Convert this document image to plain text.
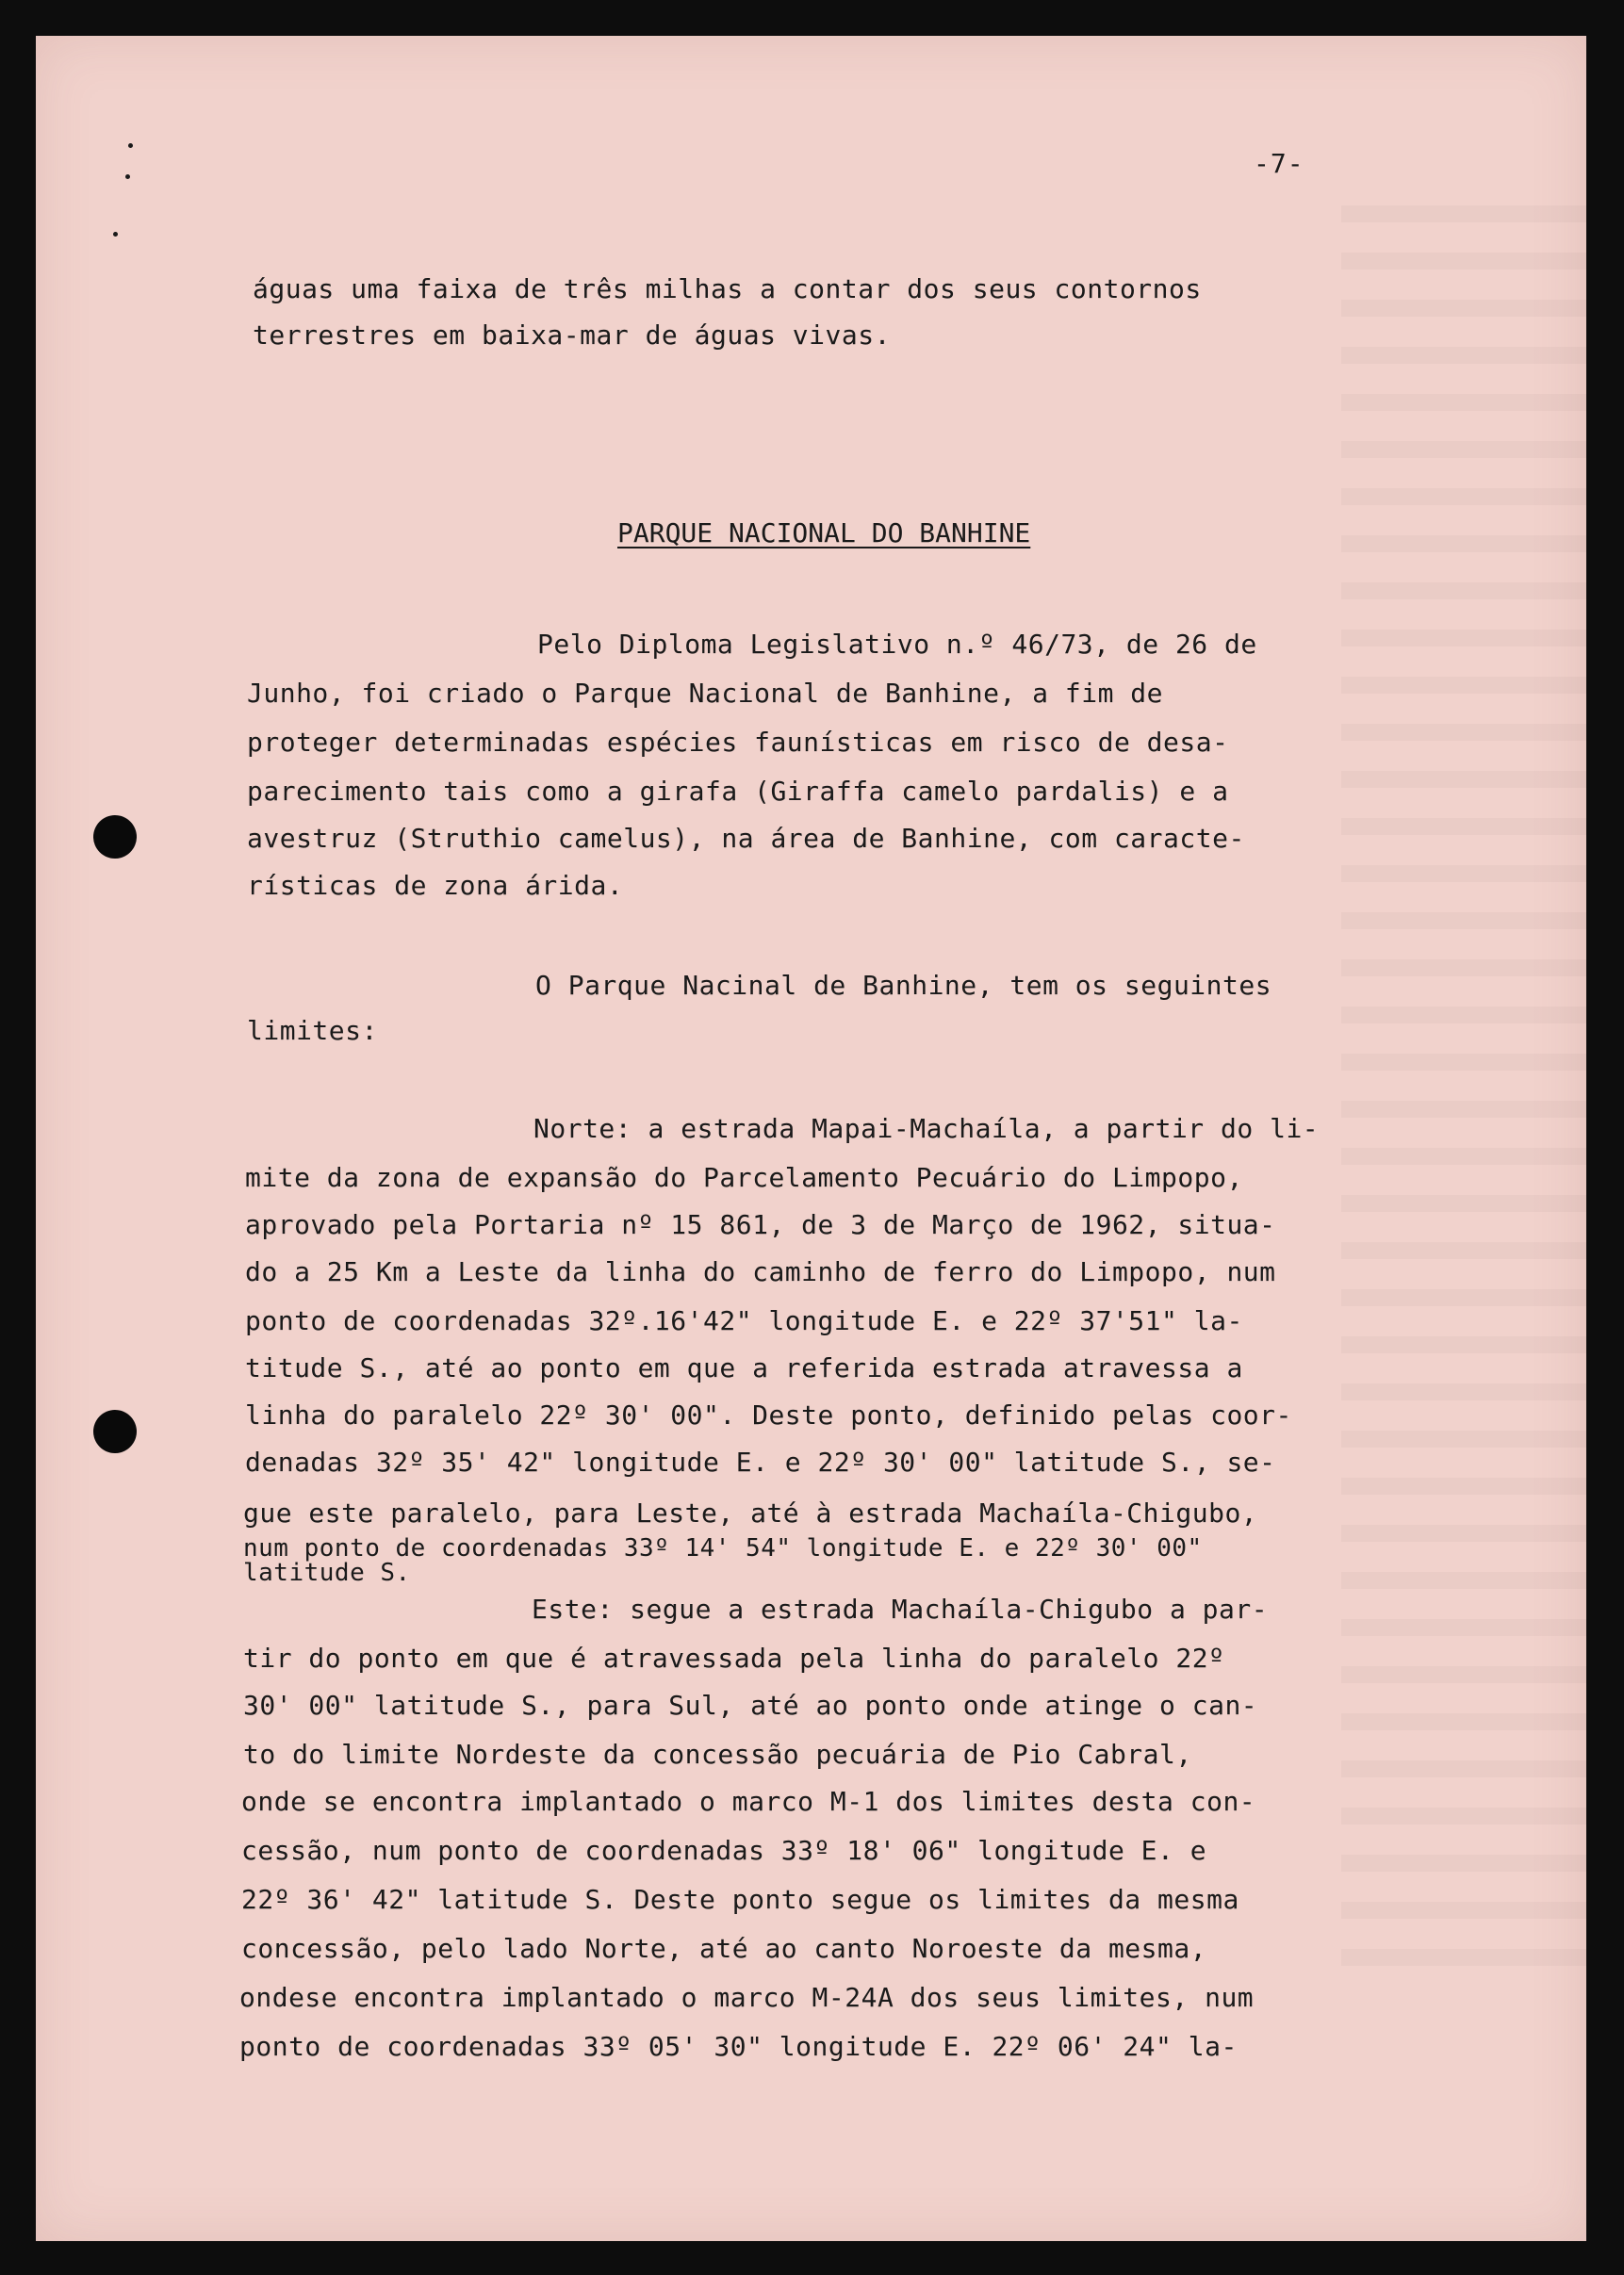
-7-
águas uma faixa de três milhas a contar dos seus contornos
terrestres em baixa-mar de águas vivas.
PARQUE NACIONAL DO BANHINE
Pelo Diploma Legislativo n.º 46/73, de 26 de
Junho, foi criado o Parque Nacional de Banhine, a fim de
proteger determinadas espécies faunísticas em risco de desa-
parecimento tais como a girafa (Giraffa camelo pardalis) e a
avestruz (Struthio camelus), na área de Banhine, com caracte-
rísticas de zona árida.
O Parque Nacinal de Banhine, tem os seguintes
limites:
Norte: a estrada Mapai-Machaíla, a partir do li-
mite da zona de expansão do Parcelamento Pecuário do Limpopo,
aprovado pela Portaria nº 15 861, de 3 de Março de 1962, situa-
do a 25 Km a Leste da linha do caminho de ferro do Limpopo, num
ponto de coordenadas 32º.16'42" longitude E. e 22º 37'51" la-
titude S., até ao ponto em que a referida estrada atravessa a
linha do paralelo 22º 30' 00". Deste ponto, definido pelas coor-
denadas 32º 35' 42" longitude E. e 22º 30' 00" latitude S., se-
gue este paralelo, para Leste, até à estrada Machaíla-Chigubo,
num ponto de coordenadas 33º 14' 54" longitude E. e 22º 30' 00"
latitude S.
Este: segue a estrada Machaíla-Chigubo a par-
tir do ponto em que é atravessada pela linha do paralelo 22º
30' 00" latitude S., para Sul, até ao ponto onde atinge o can-
to do limite Nordeste da concessão pecuária de Pio Cabral,
onde se encontra implantado o marco M-1 dos limites desta con-
cessão, num ponto de coordenadas 33º 18' 06" longitude E. e
22º 36' 42" latitude S. Deste ponto segue os limites da mesma
concessão, pelo lado Norte, até ao canto Noroeste da mesma,
ondese encontra implantado o marco M-24A dos seus limites, num
ponto de coordenadas 33º 05' 30" longitude E. 22º 06' 24" la-
